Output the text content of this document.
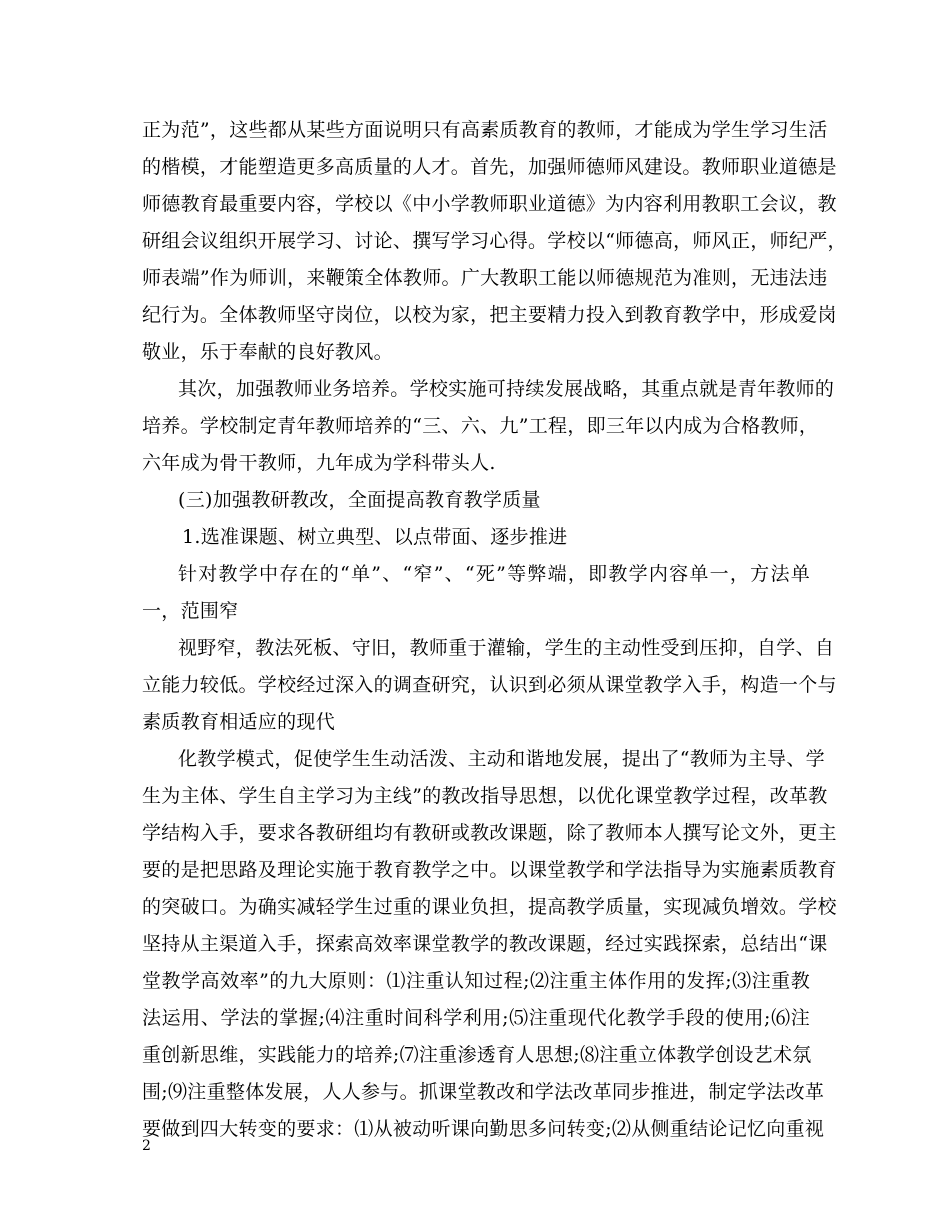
正为范”，这些都从某些方面说明只有高素质教育的教师，才能成为学生学习生活
的楷模，才能塑造更多高质量的人才。首先，加强师德师风建设。教师职业道德是
师德教育最重要内容，学校以《中小学教师职业道德》为内容利用教职工会议，教
研组会议组织开展学习、讨论、撰写学习心得。学校以“师德高，师风正，师纪严，
师表端”作为师训，来鞭策全体教师。广大教职工能以师德规范为准则，无违法违
纪行为。全体教师坚守岗位，以校为家，把主要精力投入到教育教学中，形成爱岗
敬业，乐于奉献的良好教风。
其次，加强教师业务培养。学校实施可持续发展战略，其重点就是青年教师的
培养。学校制定青年教师培养的“三、六、九”工程，即三年以内成为合格教师，
六年成为骨干教师，九年成为学科带头人.
(三)加强教研教改，全面提高教育教学质量
1.选准课题、树立典型、以点带面、逐步推进
针对教学中存在的“单”、“窄”、“死”等弊端，即教学内容单一，方法单
一，范围窄
视野窄，教法死板、守旧，教师重于灌输，学生的主动性受到压抑，自学、自
立能力较低。学校经过深入的调查研究，认识到必须从课堂教学入手，构造一个与
素质教育相适应的现代
化教学模式，促使学生生动活泼、主动和谐地发展，提出了“教师为主导、学
生为主体、学生自主学习为主线”的教改指导思想，以优化课堂教学过程，改革教
学结构入手，要求各教研组均有教研或教改课题，除了教师本人撰写论文外，更主
要的是把思路及理论实施于教育教学之中。以课堂教学和学法指导为实施素质教育
的突破口。为确实减轻学生过重的课业负担，提高教学质量，实现减负增效。学校
坚持从主渠道入手，探索高效率课堂教学的教改课题，经过实践探索，总结出“课
堂教学高效率”的九大原则：⑴注重认知过程;⑵注重主体作用的发挥;⑶注重教
法运用、学法的掌握;⑷注重时间科学利用;⑸注重现代化教学手段的使用;⑹注
重创新思维，实践能力的培养;⑺注重渗透育人思想;⑻注重立体教学创设艺术氛
围;⑼注重整体发展，人人参与。抓课堂教改和学法改革同步推进，制定学法改革
2
要做到四大转变的要求：⑴从被动听课向勤思多问转变;⑵从侧重结论记忆向重视
